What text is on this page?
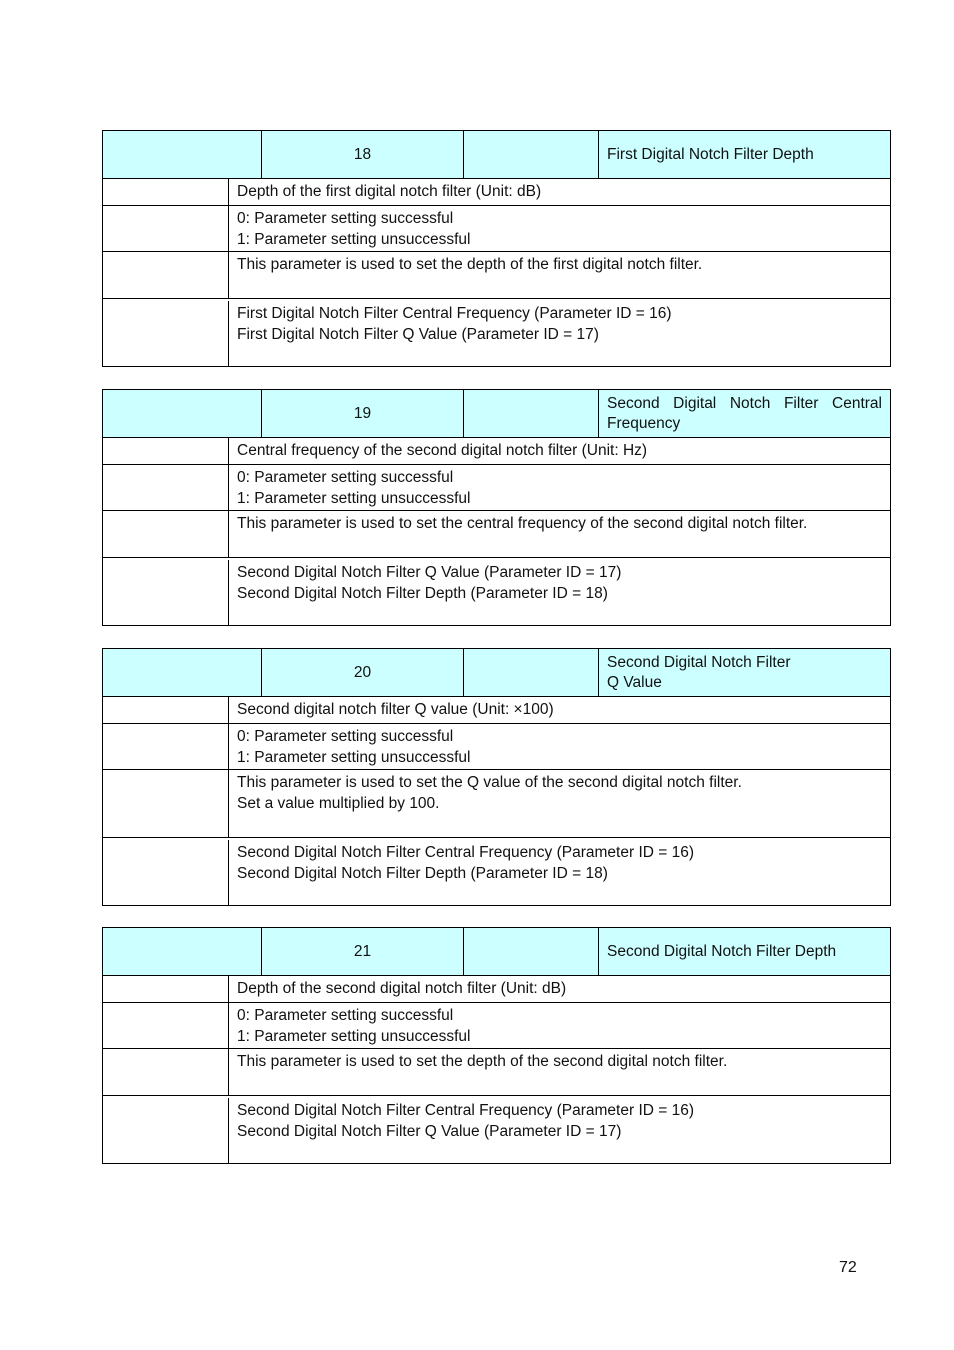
18	First Digital Notch Filter Depth
Depth of the first digital notch filter (Unit: dB)
0: Parameter setting successful
1: Parameter setting unsuccessful
This parameter is used to set the depth of the first digital notch filter.
First Digital Notch Filter Central Frequency (Parameter ID = 16)
First Digital Notch Filter Q Value (Parameter ID = 17)
19
Second Digital Notch Filter Central Frequency
Central frequency of the second digital notch filter (Unit: Hz)
0: Parameter setting successful
1: Parameter setting unsuccessful
This parameter is used to set the central frequency of the second digital notch filter.
Second Digital Notch Filter Q Value (Parameter ID = 17)
Second Digital Notch Filter Depth (Parameter ID = 18)
20
Second Digital Notch Filter
Q Value
Second digital notch filter Q value (Unit: ×100)
0: Parameter setting successful
1: Parameter setting unsuccessful
This parameter is used to set the Q value of the second digital notch filter.
Set a value multiplied by 100.
Second Digital Notch Filter Central Frequency (Parameter ID = 16)
Second Digital Notch Filter Depth (Parameter ID = 18)
21	Second Digital Notch Filter Depth
Depth of the second digital notch filter (Unit: dB)
0: Parameter setting successful
1: Parameter setting unsuccessful
This parameter is used to set the depth of the second digital notch filter.
Second Digital Notch Filter Central Frequency (Parameter ID = 16)
Second Digital Notch Filter Q Value (Parameter ID = 17)
72
